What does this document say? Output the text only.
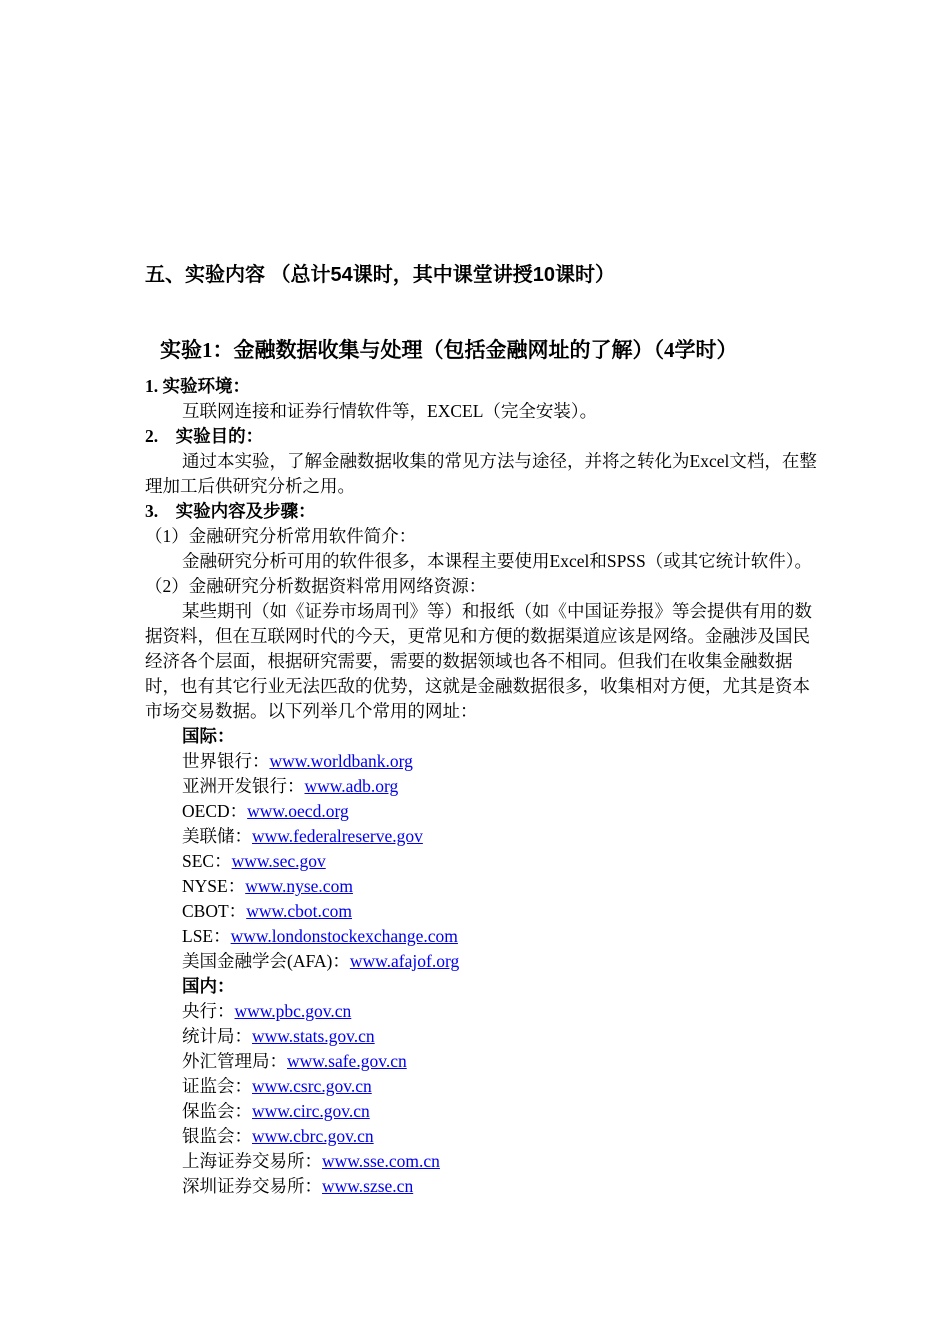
五、实验内容 （总计54课时，其中课堂讲授10课时）
实验1：金融数据收集与处理（包括金融网址的了解）（4学时）
1. 实验环境：
互联网连接和证券行情软件等，EXCEL（完全安装）。
2.　实验目的：
通过本实验，了解金融数据收集的常见方法与途径，并将之转化为Excel文档，在整理加工后供研究分析之用。
3.　实验内容及步骤：
（1）金融研究分析常用软件简介：
金融研究分析可用的软件很多，本课程主要使用Excel和SPSS（或其它统计软件）。
（2）金融研究分析数据资料常用网络资源：
某些期刊（如《证券市场周刊》等）和报纸（如《中国证券报》等会提供有用的数据资料，但在互联网时代的今天，更常见和方便的数据渠道应该是网络。金融涉及国民经济各个层面，根据研究需要，需要的数据领域也各不相同。但我们在收集金融数据时，也有其它行业无法匹敌的优势，这就是金融数据很多，收集相对方便，尤其是资本市场交易数据。以下列举几个常用的网址：
国际：
世界银行：www.worldbank.org
亚洲开发银行：www.adb.org
OECD：www.oecd.org
美联储：www.federalreserve.gov
SEC：www.sec.gov
NYSE：www.nyse.com
CBOT：www.cbot.com
LSE：www.londonstockexchange.com
美国金融学会(AFA)：www.afajof.org
国内：
央行：www.pbc.gov.cn
统计局：www.stats.gov.cn
外汇管理局：www.safe.gov.cn
证监会：www.csrc.gov.cn
保监会：www.circ.gov.cn
银监会：www.cbrc.gov.cn
上海证券交易所：www.sse.com.cn
深圳证券交易所：www.szse.cn
